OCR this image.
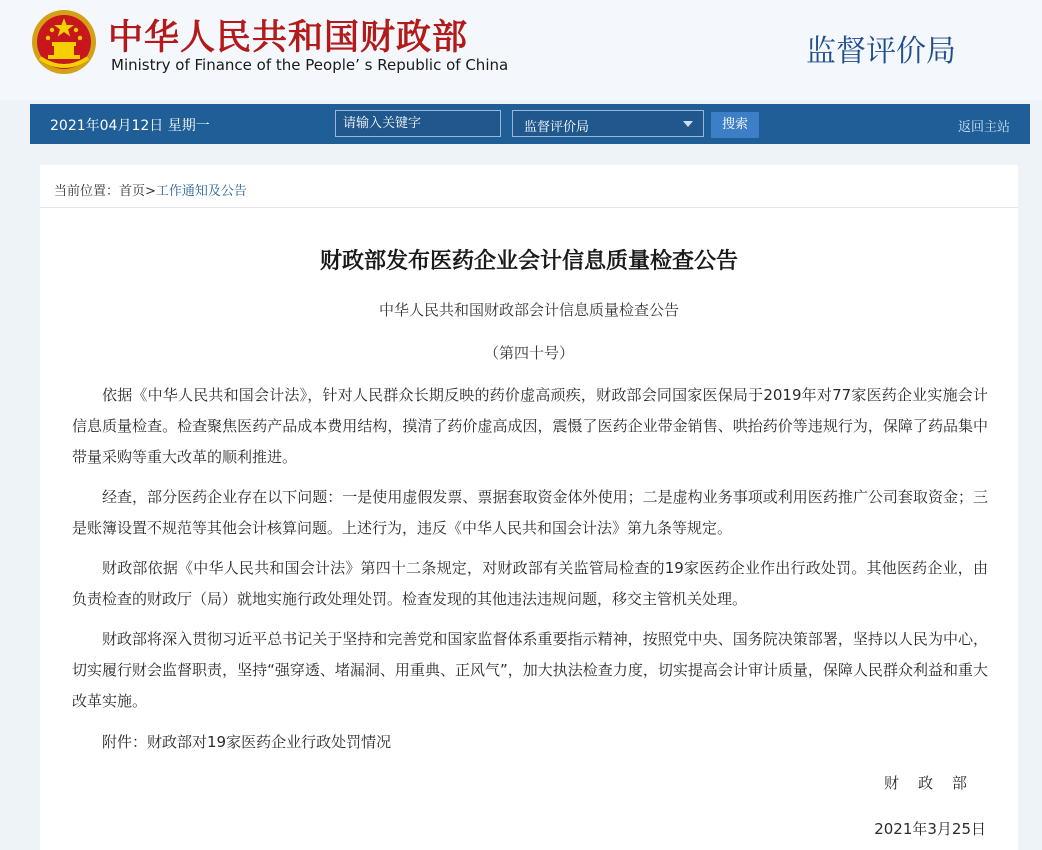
中华人民共和国财政部
Ministry of Finance of the People’ s Republic of China	监督评价局
2021年04月12日 星期一
请输入关键字	监督评价局	搜索	返回主站
当前位置：首页>工作通知及公告
财政部发布医药企业会计信息质量检查公告
中华人民共和国财政部会计信息质量检查公告
（第四十号）
依据《中华人民共和国会计法》，针对人民群众长期反映的药价虚高顽疾，财政部会同国家医保局于2019年对77家医药企业实施会计信息质量检查。检查聚焦医药产品成本费用结构，摸清了药价虚高成因，震慑了医药企业带金销售、哄抬药价等违规行为，保障了药品集中带量采购等重大改革的顺利推进。
经查，部分医药企业存在以下问题：一是使用虚假发票、票据套取资金体外使用；二是虚构业务事项或利用医药推广公司套取资金；三是账簿设置不规范等其他会计核算问题。上述行为，违反《中华人民共和国会计法》第九条等规定。
财政部依据《中华人民共和国会计法》第四十二条规定，对财政部有关监管局检查的19家医药企业作出行政处罚。其他医药企业，由负责检查的财政厅（局）就地实施行政处理处罚。检查发现的其他违法违规问题，移交主管机关处理。
财政部将深入贯彻习近平总书记关于坚持和完善党和国家监督体系重要指示精神，按照党中央、国务院决策部署，坚持以人民为中心，切实履行财会监督职责，坚持“强穿透、堵漏洞、用重典、正风气”，加大执法检查力度，切实提高会计审计质量，保障人民群众利益和重大改革实施。
附件：财政部对19家医药企业行政处罚情况
财政部
2021年3月25日
